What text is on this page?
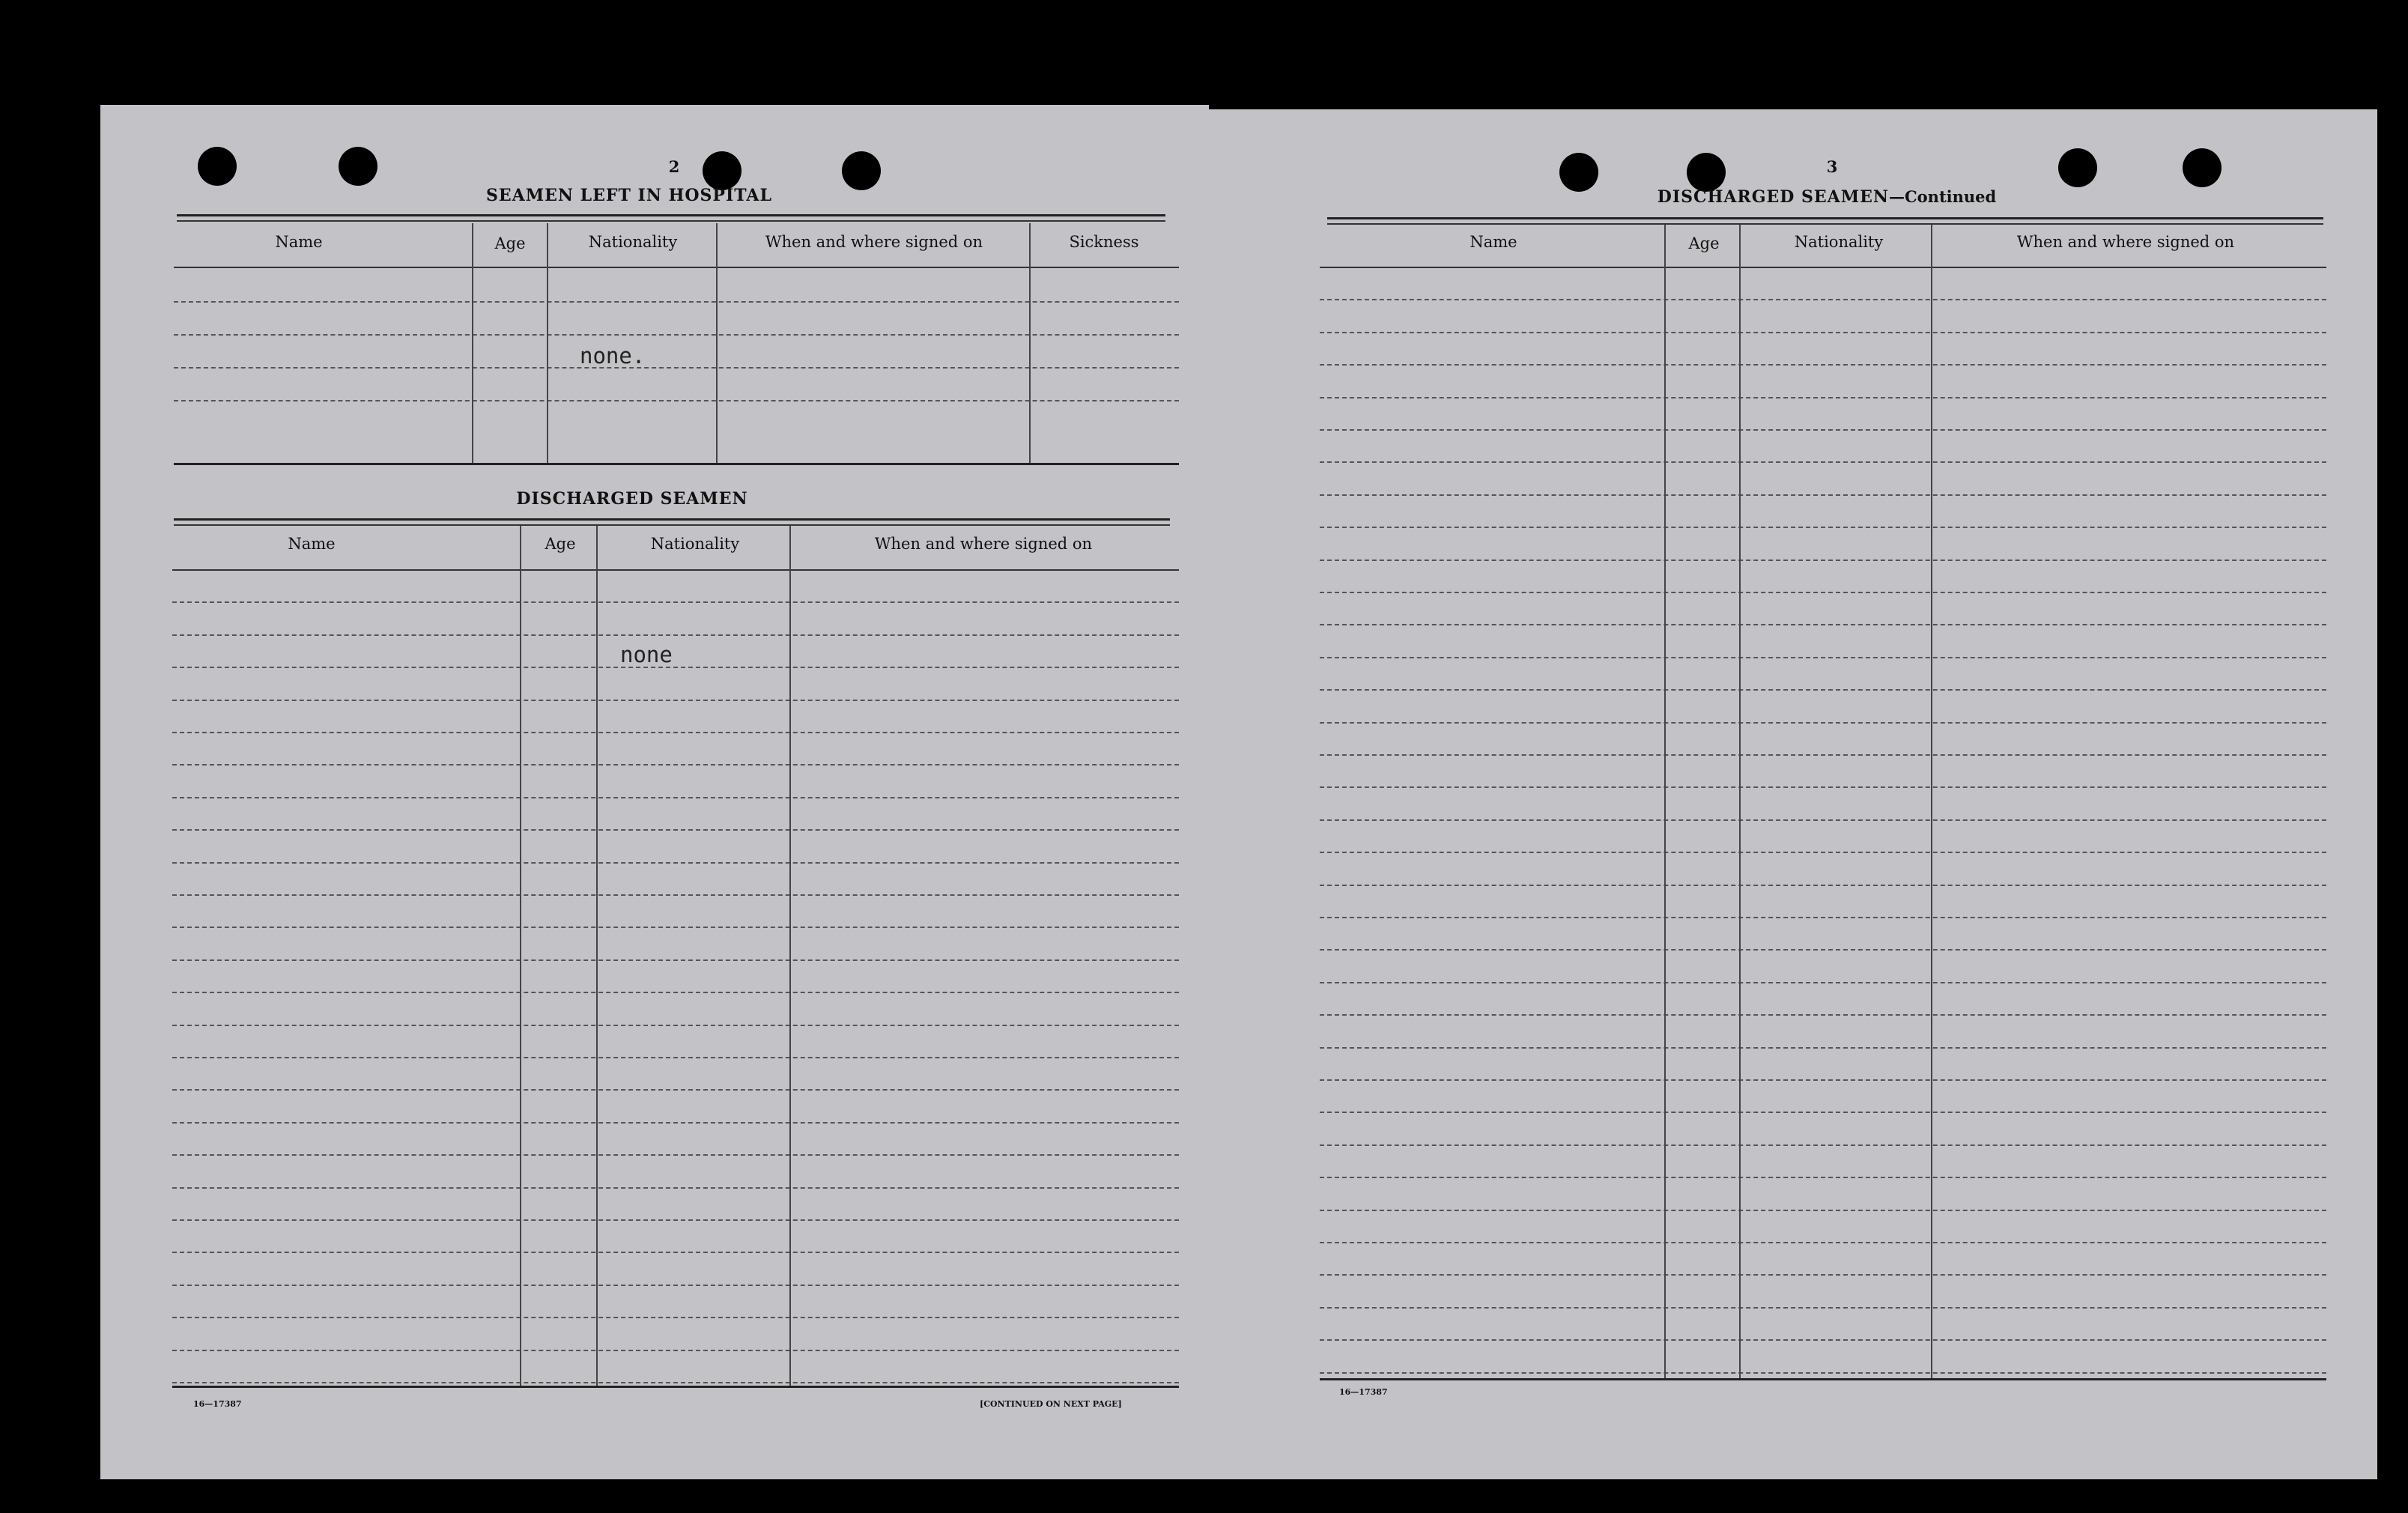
2
SEAMEN LEFT IN HOSPITAL
Name	Age	Nationality	When and where signed on	Sickness
none.
DISCHARGED SEAMEN
Name	Age	Nationality	When and where signed on
none
16—17387	[CONTINUED ON NEXT PAGE]
3
DISCHARGED SEAMEN—Continued
Name	Age	Nationality	When and where signed on
16—17387
